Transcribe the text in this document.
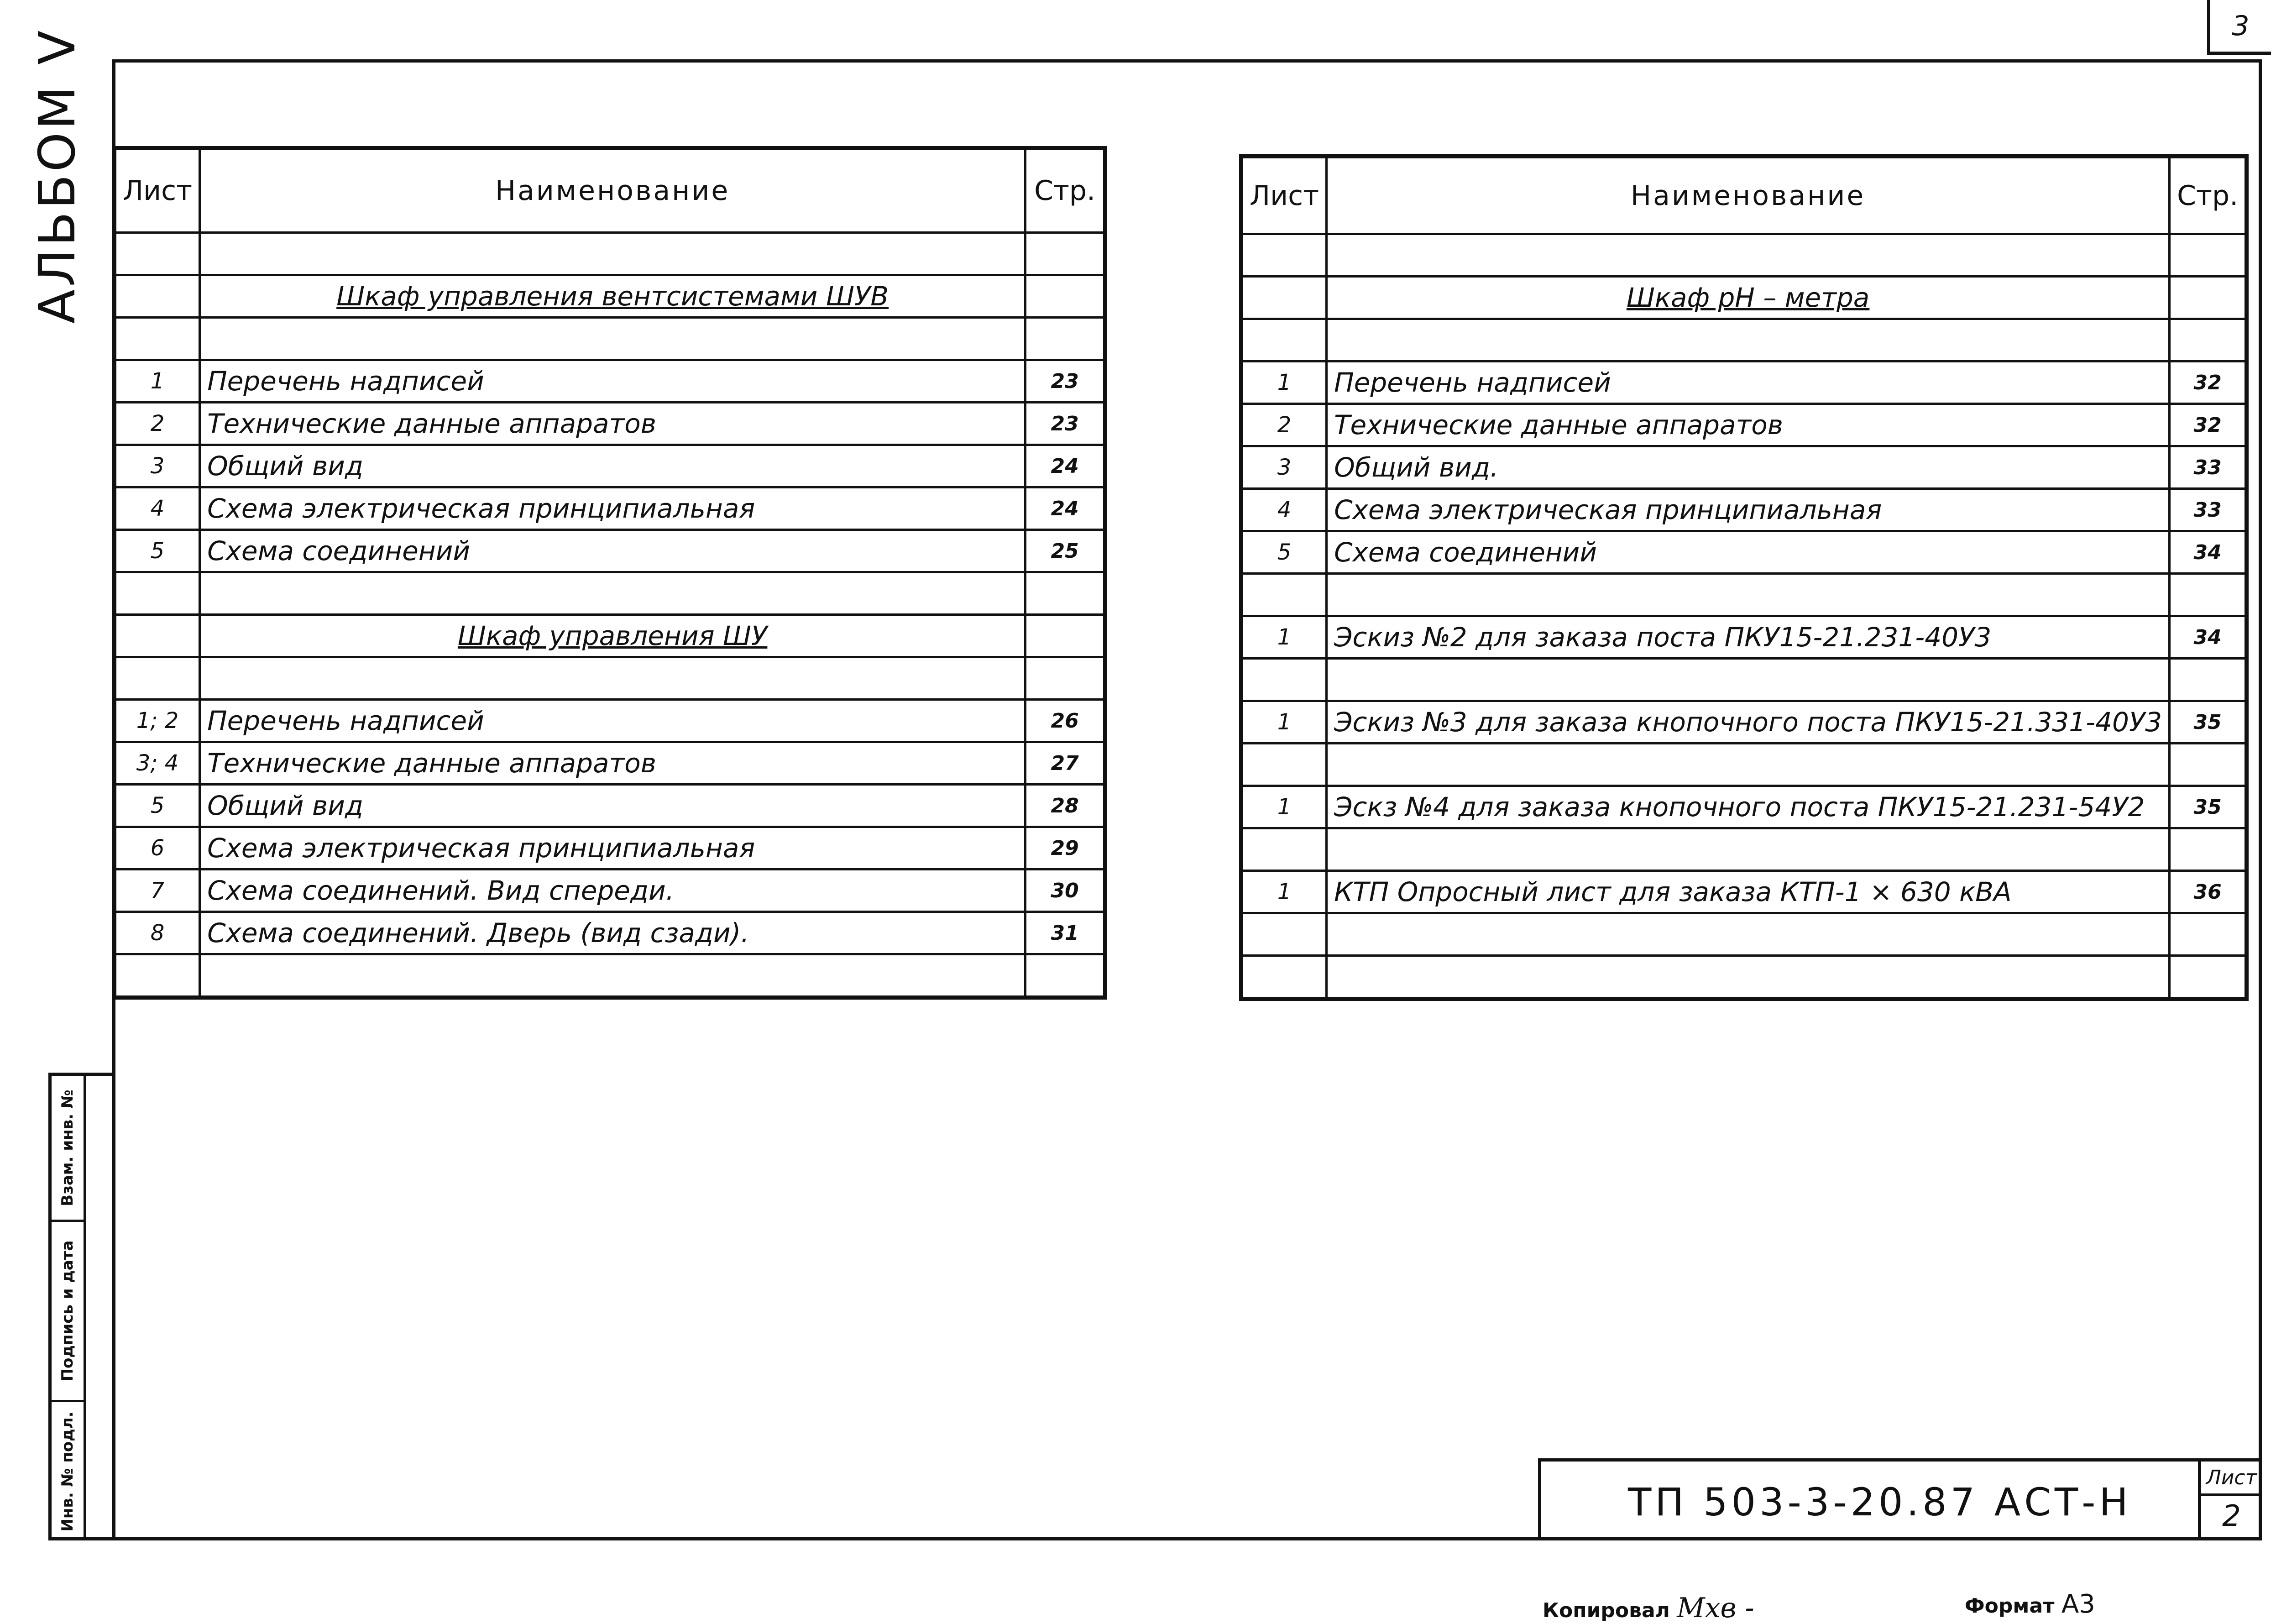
3
АЛЬБОМ V
Взам. инв. №
Подпись и дата
Инв. № подл.
Лист	Наименование	Стр.

	Шкаф управления вентсистемами ШУВ	

1	Перечень надписей	23
2	Технические данные аппаратов	23
3	Общий вид	24
4	Схема электрическая принципиальная	24
5	Схема соединений	25

	Шкаф управления ШУ	

1; 2	Перечень надписей	26
3; 4	Технические данные аппаратов	27
5	Общий вид	28
6	Схема электрическая принципиальная	29
7	Схема соединений. Вид спереди.	30
8	Схема соединений. Дверь (вид сзади).	31

Лист	Наименование	Стр.

	Шкаф pH – метра	

1	Перечень надписей	32
2	Технические данные аппаратов	32
3	Общий вид.	33
4	Схема электрическая принципиальная	33
5	Схема соединений	34

1	Эскиз №2 для заказа поста ПКУ15-21.231-40У3	34

1	Эскиз №3 для заказа кнопочного поста ПКУ15-21.331-40У3	35

1	Эскз №4 для заказа кнопочного поста ПКУ15-21.231-54У2	35

1	КТП Опросный лист для заказа КТП-1 × 630 кВА	36

ТП 503-3-20.87 АСТ-Н
Лист
2
Копировал Мхв -	Формат А3
